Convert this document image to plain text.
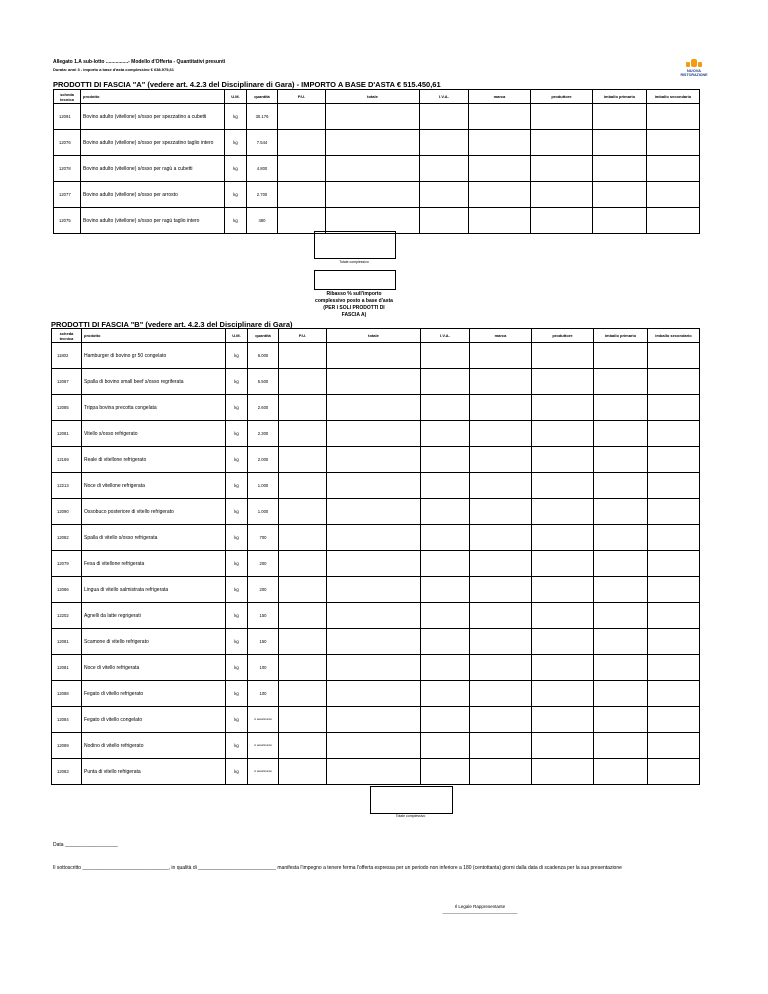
Allegato 1.A sub-lotto ................- Modello d'Offerta - Quantitativi presunti
Durata: anni 3 - importo a base d'asta complessivo € 638.975,61	NUOVA
RISTORAZIONE
PRODOTTI DI FASCIA "A" (vedere art. 4.2.3 del Disciplinare di Gara) - IMPORTO A BASE D'ASTA € 515.450,61
scheda tecnica	prodotto	U.M.	quantità	P.U.	totale	I.V.A.	marca	produttore	imballo primario	imballo secondario
12091	Bovino adulto (vitellone) s/osso per spezzatino a cubetti	kg	30.176							
12076	Bovino adulto (vitellone) s/osso per spezzatino taglio intero	kg	7.544							
12078	Bovino adulto (vitellone) s/osso per ragù a cubetti	kg	4.800							
12077	Bovino adulto (vitellone) s/osso per arrosto	kg	2.700							
12075	Bovino adulto (vitellone) s/osso per ragù taglio intero	kg	480							
Totale complessivo
Ribasso % sull'importo complessivo posto a base d'asta (PER I SOLI PRODOTTI DI FASCIA A)
PRODOTTI DI FASCIA "B" (vedere art. 4.2.3 del Disciplinare di Gara)
scheda tecnica	prodotto	U.M.	quantità	P.U.	totale	I.V.A.	marca	produttore	imballo primario	imballo secondario
11802	Hamburger di bovino gr 50 congelato	kg	6.000							
12087	Spalla di bovino small beef s/osso regriferata	kg	5.500							
12085	Trippa bovina precotta congelata	kg	2.600							
12081	Vitello s/osso refrigerato	kg	2.300							
12169	Reale di vitellone refrigerato	kg	2.000							
12213	Noce di vitellone refrigerata	kg	1.000							
12090	Ossobuco posteriore di vitello refrigerato	kg	1.000							
12082	Spalla di vitello s/osso refrigerata	kg	700							
12079	Fesa di vitellone refrigerata	kg	200							
12086	Lingua di vitello salmistrata refrigerata	kg	200							
12202	Agnelli da latte regrigerati	kg	150							
12081	Scamone di vitello refrigerato	kg	150							
12081	Noce di vitello refrigerata	kg	100							
12088	Fegato di vitello refrigerato	kg	100							
12084	Fegato di vitello congelato	kg	in assortimento							
12089	Nodino di vitello refrigerato	kg	in assortimento							
12083	Punta di vitello refrigerata	kg	in assortimento							
Totale complessivo
Data ___________________
Il sottoscritto _______________________________, in qualità di ____________________________ manifesta l'impegno a tenere ferma l'offerta espressa per un periodo non inferiore a 180 (centottanta) giorni dalla data di scadenza per la sua presentazione
Il Legale Rappresentante
______________________________
